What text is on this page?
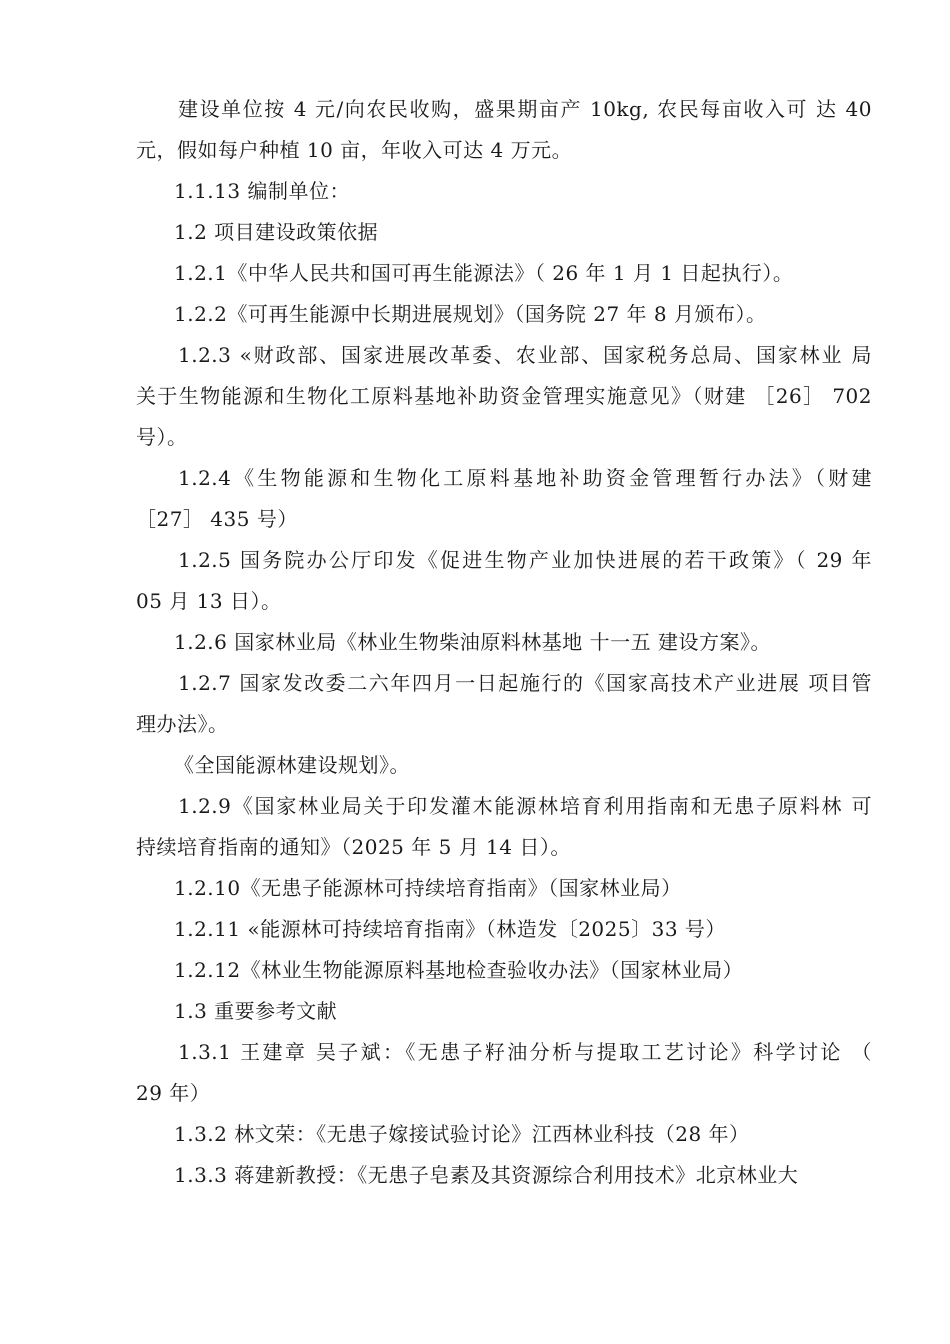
建设单位按 4 元/向农民收购，盛果期亩产 10kg, 农民每亩收入可 达 40
元，假如每户种植 10 亩，年收入可达 4 万元。
1.1.13 编制单位：
1.2 项目建设政策依据
1.2.1《中华人民共和国可再生能源法》（ 26 年 1 月 1 日起执行）。
1.2.2《可再生能源中长期进展规划》（国务院 27 年 8 月颁布）。
1.2.3 «财政部、国家进展改革委、农业部、国家税务总局、国家林业 局
关于生物能源和生物化工原料基地补助资金管理实施意见》（财建 ［26］ 702
号）。
1.2.4《生物能源和生物化工原料基地补助资金管理暂行办法》（财建
［27］ 435 号）
1.2.5 国务院办公厅印发《促进生物产业加快进展的若干政策》（ 29 年
05 月 13 日）。
1.2.6 国家林业局《林业生物柴油原料林基地 十一五 建设方案》。
1.2.7 国家发改委二六年四月一日起施行的《国家高技术产业进展 项目管
理办法》。
《全国能源林建设规划》。
1.2.9《国家林业局关于印发灌木能源林培育利用指南和无患子原料林 可
持续培育指南的通知》（2025 年 5 月 14 日）。
1.2.10《无患子能源林可持续培育指南》（国家林业局）
1.2.11 «能源林可持续培育指南》（林造发〔2025〕33 号）
1.2.12《林业生物能源原料基地检查验收办法》（国家林业局）
1.3 重要参考文献
1.3.1 王建章 吴子斌：《无患子籽油分析与提取工艺讨论》科学讨论 （
29 年）
1.3.2 林文荣：《无患子嫁接试验讨论》江西林业科技（28 年）
1.3.3 蒋建新教授：《无患子皂素及其资源综合利用技术》北京林业大
